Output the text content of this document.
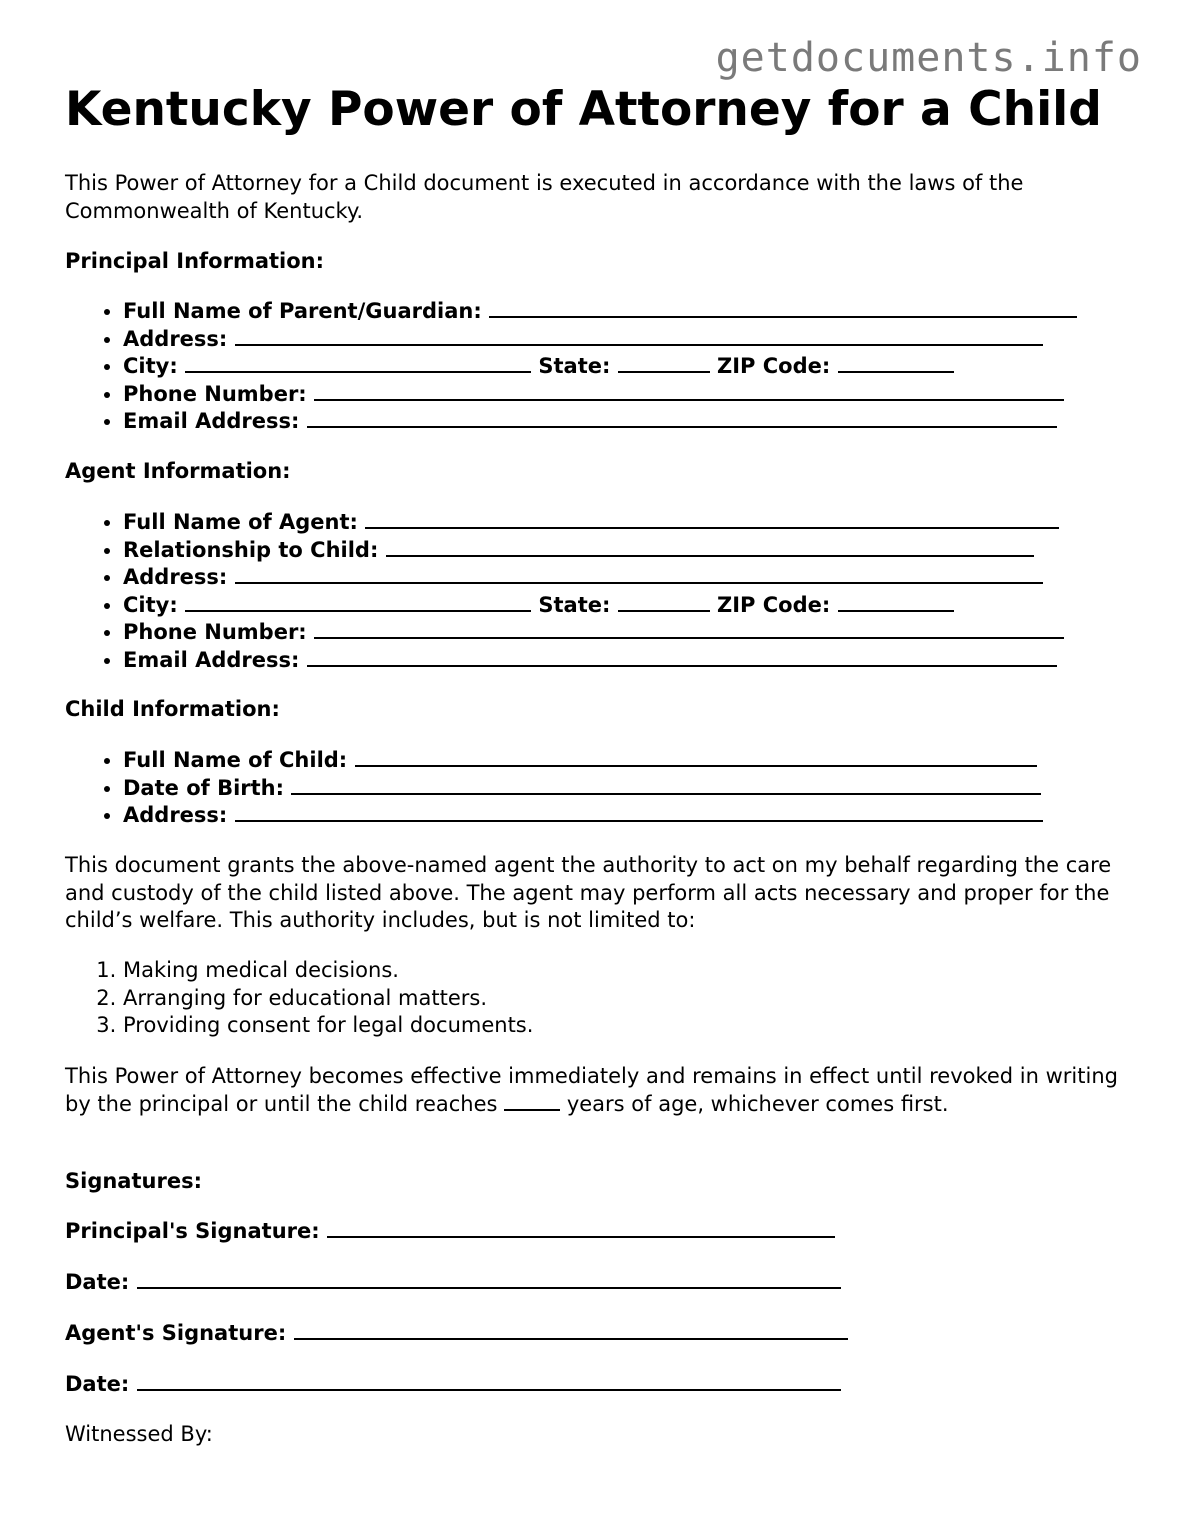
getdocuments.info
Kentucky Power of Attorney for a Child

This Power of Attorney for a Child document is executed in accordance with the laws of the Commonwealth of Kentucky.

Principal Information:

• Full Name of Parent/Guardian:
• Address:
• City:	State:	ZIP Code:
• Phone Number:
• Email Address:

Agent Information:

• Full Name of Agent:
• Relationship to Child:
• Address:
• City:	State:	ZIP Code:
• Phone Number:
• Email Address:

Child Information:

• Full Name of Child:
• Date of Birth:
• Address:

This document grants the above-named agent the authority to act on my behalf regarding the care and custody of the child listed above. The agent may perform all acts necessary and proper for the child’s welfare. This authority includes, but is not limited to:

1. Making medical decisions.
2. Arranging for educational matters.
3. Providing consent for legal documents.

This Power of Attorney becomes effective immediately and remains in effect until revoked in writing by the principal or until the child reaches	years of age, whichever comes first.

Signatures:

Principal's Signature:

Date:

Agent's Signature:

Date:

Witnessed By:
